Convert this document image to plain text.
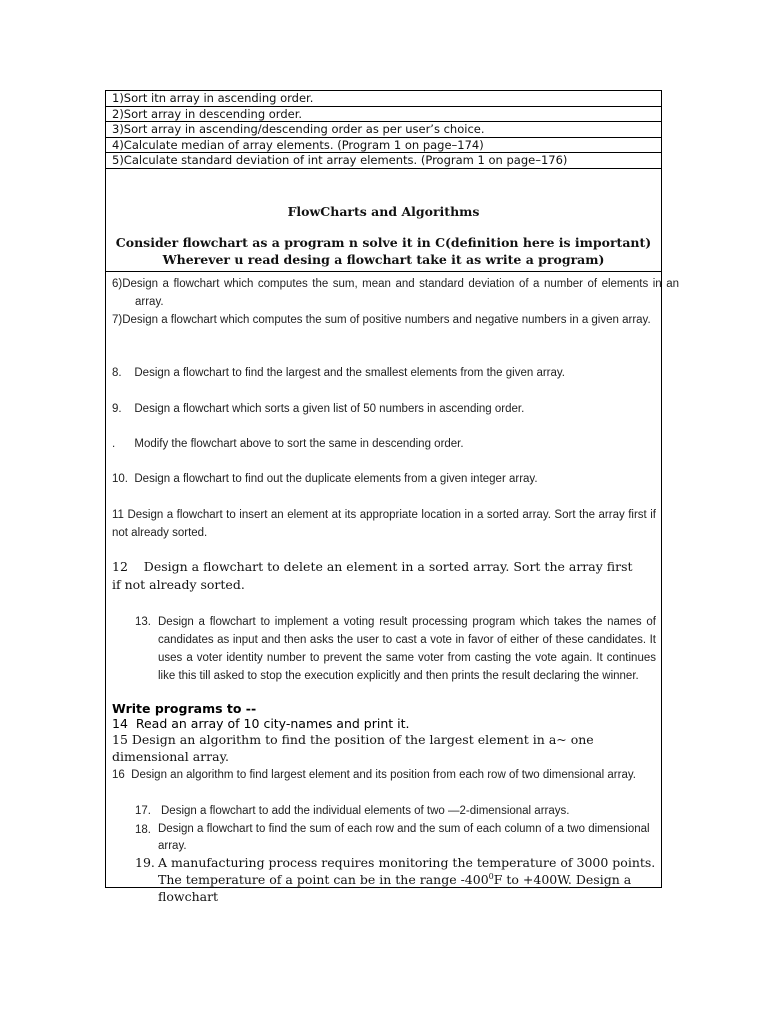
1)Sort itn array in ascending order.
2)Sort array in descending order.
3)Sort array in ascending/descending order as per user’s choice.
4)Calculate median of array elements. (Program 1 on page–174)
5)Calculate standard deviation of int array elements. (Program 1 on page–176)
FlowCharts and Algorithms
Consider flowchart as a program n solve it in C(definition here is important)
Wherever u read desing a flowchart take it as write a program)
6)Design a flowchart which computes the sum, mean and standard deviation of a number of elements in an array.
7)Design a flowchart which computes the sum of positive numbers and negative numbers in a given array.
8.    Design a flowchart to find the largest and the smallest elements from the given array.
9.    Design a flowchart which sorts a given list of 50 numbers in ascending order.
.      Modify the flowchart above to sort the same in descending order.
10.  Design a flowchart to find out the duplicate elements from a given integer array.
11 Design a flowchart to insert an element at its appropriate location in a sorted array. Sort the array first if not already sorted.
12    Design a flowchart to delete an element in a sorted array. Sort the array first if not already sorted.
13. Design a flowchart to implement a voting result processing program which takes the names of candidates as input and then asks the user to cast a vote in favor of either of these candidates. It uses a voter identity number to prevent the same voter from casting the vote again. It continues like this till asked to stop the execution explicitly and then prints the result declaring the winner.
Write programs to --
14  Read an array of 10 city-names and print it.
15 Design an algorithm to find the position of the largest element in a~ one dimensional array.
16  Design an algorithm to find largest element and its position from each row of two dimensional array.
17. Design a flowchart to add the individual elements of two —2-dimensional arrays.
18. Design a flowchart to find the sum of each row and the sum of each column of a two dimensional array.
19. A manufacturing process requires monitoring the temperature of 3000 points. The temperature of a point can be in the range $-400^0F$ to +400W. Design a flowchart
